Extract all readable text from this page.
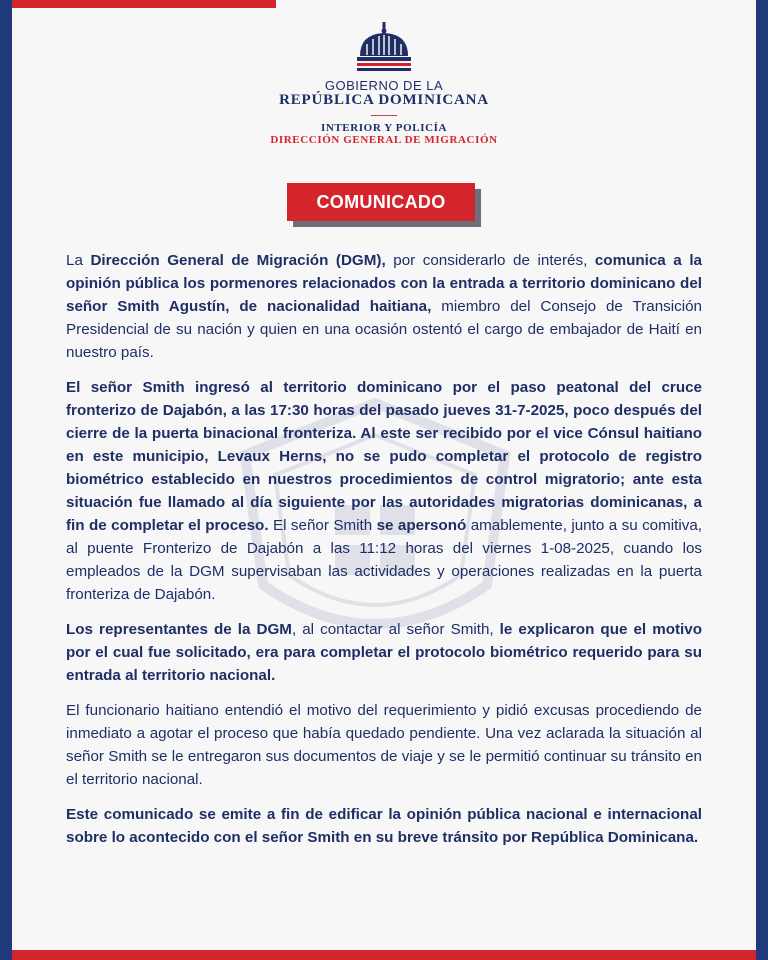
GOBIERNO DE LA
REPÚBLICA DOMINICANA
INTERIOR Y POLICÍA
DIRECCIÓN GENERAL DE MIGRACIÓN
COMUNICADO

La Dirección General de Migración (DGM), por considerarlo de interés, comunica a la opinión pública los pormenores relacionados con la entrada a territorio dominicano del señor Smith Agustín, de nacionalidad haitiana, miembro del Consejo de Transición Presidencial de su nación y quien en una ocasión ostentó el cargo de embajador de Haití en nuestro país.

El señor Smith ingresó al territorio dominicano por el paso peatonal del cruce fronterizo de Dajabón, a las 17:30 horas del pasado jueves 31-7-2025, poco después del cierre de la puerta binacional fronteriza. Al este ser recibido por el vice Cónsul haitiano en este municipio, Levaux Herns, no se pudo completar el protocolo de registro biométrico establecido en nuestros procedimientos de control migratorio; ante esta situación fue llamado al día siguiente por las autoridades migratorias dominicanas, a fin de completar el proceso. El señor Smith se apersonó amablemente, junto a su comitiva, al puente Fronterizo de Dajabón a las 11:12 horas del viernes 1-08-2025, cuando los empleados de la DGM supervisaban las actividades y operaciones realizadas en la puerta fronteriza de Dajabón.

Los representantes de la DGM, al contactar al señor Smith, le explicaron que el motivo por el cual fue solicitado, era para completar el protocolo biométrico requerido para su entrada al territorio nacional.

El funcionario haitiano entendió el motivo del requerimiento y pidió excusas procediendo de inmediato a agotar el proceso que había quedado pendiente. Una vez aclarada la situación al señor Smith se le entregaron sus documentos de viaje y se le permitió continuar su tránsito en el territorio nacional.

Este comunicado se emite a fin de edificar la opinión pública nacional e internacional sobre lo acontecido con el señor Smith en su breve tránsito por República Dominicana.
